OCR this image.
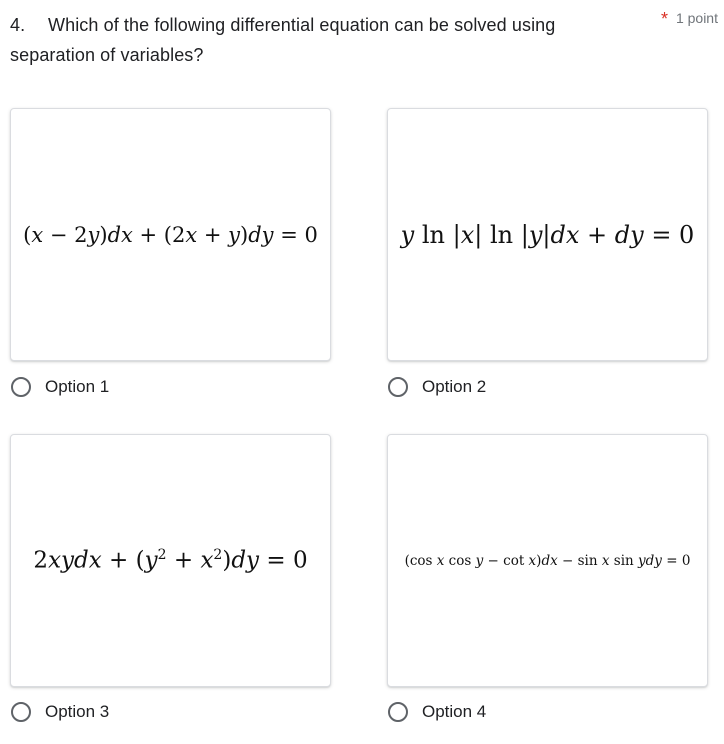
4. Which of the following differential equation can be solved using separation of variables?
* 1 point
(x − 2y)dx + (2x + y)dy = 0
Option 1
y ln |x| ln |y|dx + dy = 0
Option 2
2xydx + $(y^2 + x^2)dy = 0$
Option 3
(cos x cos y − cot x)dx − sin x sin ydy = 0
Option 4
